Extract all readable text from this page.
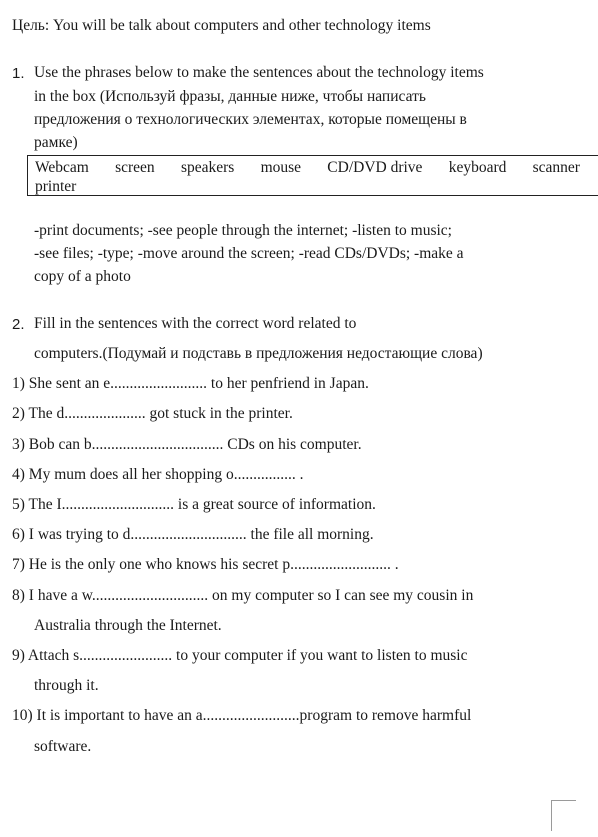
Цель: You will be talk about computers and other technology items
1. Use the phrases below to make the sentences about the technology items
in the box (Используй фразы, данные ниже, чтобы написать
предложения о технологических элементах, которые помещены в
рамке)
Webcam screen speakers mouse CD/DVD drive keyboard scanner
printer
-print documents; -see people through the internet; -listen to music;
-see files; -type; -move around the screen; -read CDs/DVDs; -make a
copy of a photo
2. Fill in the sentences with the correct word related to
computers.(Подумай и подставь в предложения недостающие слова)
1) She sent an e......................... to her penfriend in Japan.
2) The d..................... got stuck in the printer.
3) Bob can b.................................. CDs on his computer.
4) My mum does all her shopping o................ .
5) The I............................. is a great source of information.
6) I was trying to d.............................. the file all morning.
7) He is the only one who knows his secret p.......................... .
8) I have a w.............................. on my computer so I can see my cousin in
Australia through the Internet.
9) Attach s........................ to your computer if you want to listen to music
through it.
10) It is important to have an a.........................program to remove harmful
software.
